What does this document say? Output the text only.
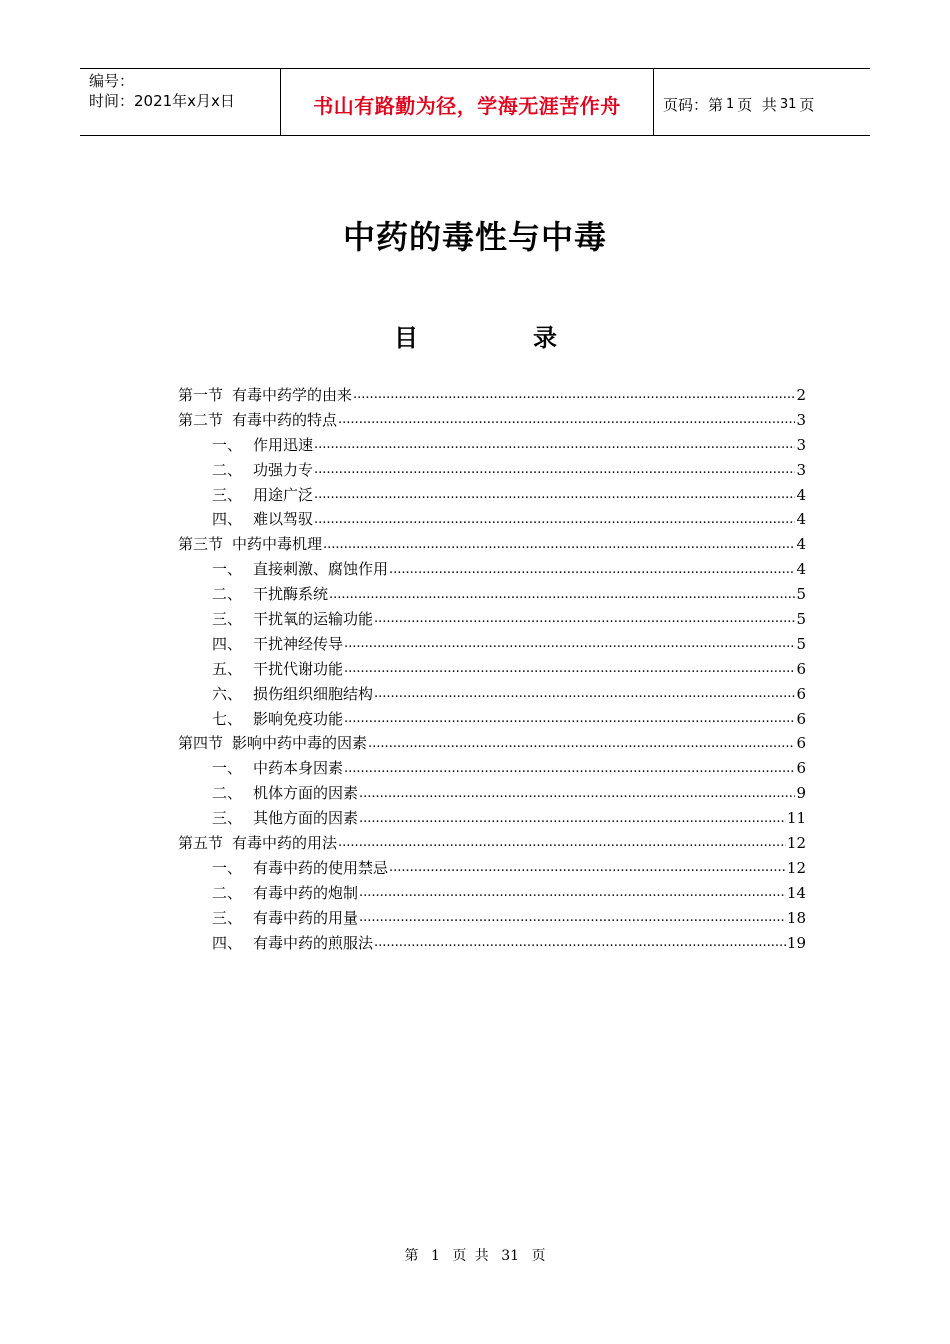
编号：
时间：2021年x月x日	书山有路勤为径，学海无涯苦作舟	页码：第 1 页  共 31 页
中药的毒性与中毒
目	录
第一节 有毒中药学的由来 .....	2
第二节 有毒中药的特点 .....	3
一、 作用迅速 .....	3
二、 功强力专 .....	3
三、 用途广泛 .....	4
四、 难以驾驭 .....	4
第三节 中药中毒机理 .....	4
一、 直接刺激、腐蚀作用 .....	4
二、 干扰酶系统 .....	5
三、 干扰氧的运输功能 .....	5
四、 干扰神经传导 .....	5
五、 干扰代谢功能 .....	6
六、 损伤组织细胞结构 .....	6
七、 影响免疫功能 .....	6
第四节 影响中药中毒的因素 .....	6
一、 中药本身因素 .....	6
二、 机体方面的因素 .....	9
三、 其他方面的因素 .....	11
第五节 有毒中药的用法 .....	12
一、 有毒中药的使用禁忌 .....	12
二、 有毒中药的炮制 .....	14
三、 有毒中药的用量 .....	18
四、 有毒中药的煎服法 .....	19
第 1 页 共 31 页
